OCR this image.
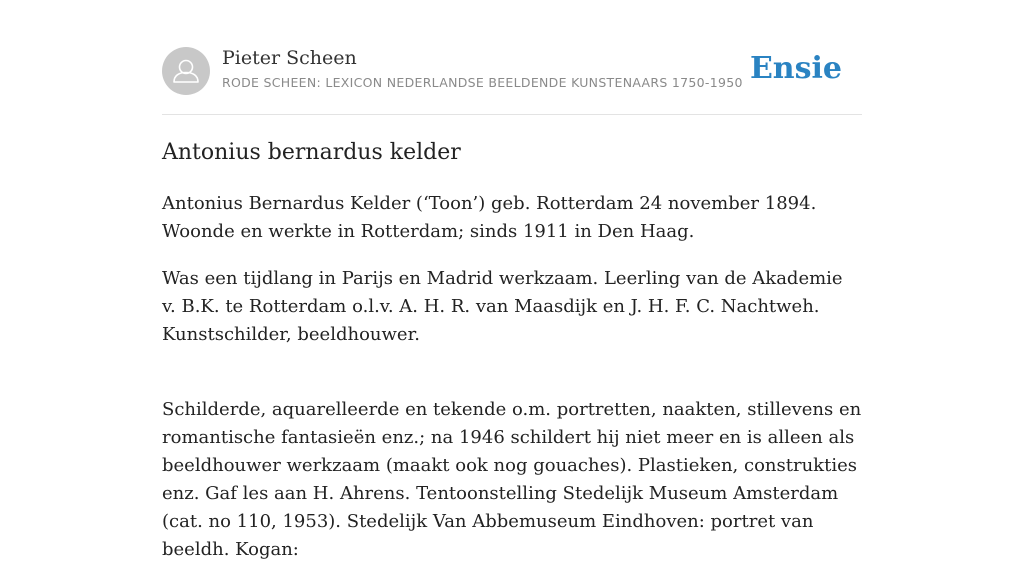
Pieter Scheen

RODE SCHEEN: LEXICON NEDERLANDSE BEELDENDE KUNSTENAARS 1750-1950 Ensie
Antonius bernardus kelder

Antonius Bernardus Kelder (‘Toon’) geb. Rotterdam 24 november 1894. Woonde en werkte in Rotterdam; sinds 1911 in Den Haag.

Was een tijdlang in Parijs en Madrid werkzaam. Leerling van de Akademie v. B.K. te Rotterdam o.l.v. A. H. R. van Maasdijk en J. H. F. C. Nachtweh. Kunstschilder, beeldhouwer.

Schilderde, aquarelleerde en tekende o.m. portretten, naakten, stillevens en romantische fantasieën enz.; na 1946 schildert hij niet meer en is alleen als beeldhouwer werkzaam (maakt ook nog gouaches). Plastieken, construkties enz. Gaf les aan H. Ahrens. Tentoonstelling Stedelijk Museum Amsterdam (cat. no 110, 1953). Stedelijk Van Abbemuseum Eindhoven: portret van beeldh. Kogan:
